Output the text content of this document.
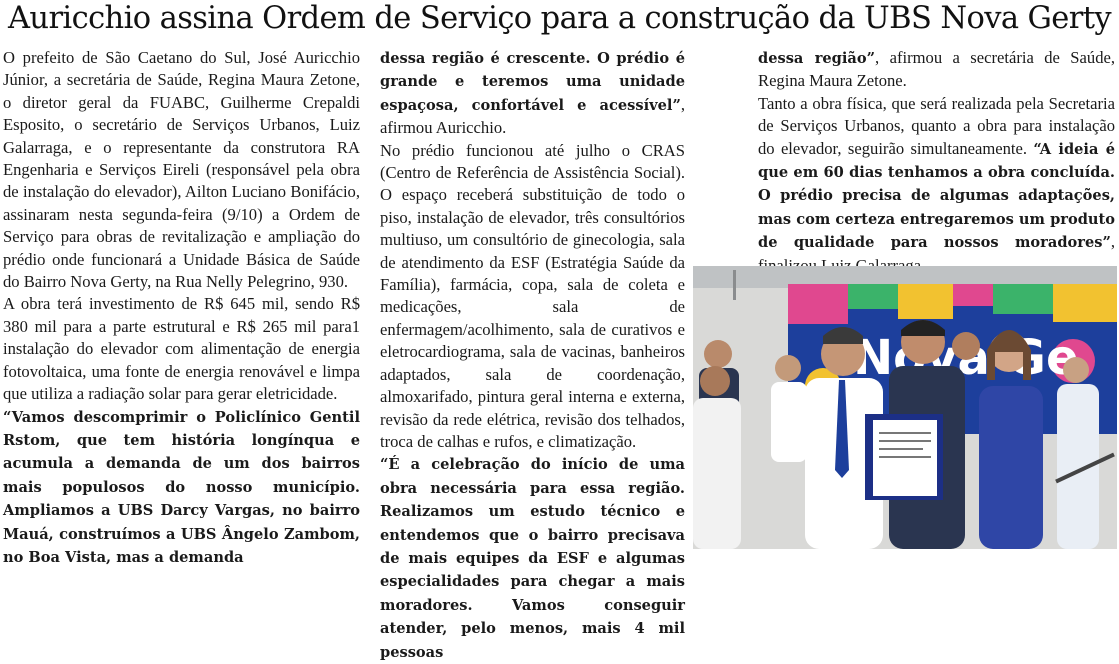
Auricchio assina Ordem de Serviço para a construção da UBS Nova Gerty

O prefeito de São Caetano do Sul, José Auricchio Júnior, a secretária de Saúde, Regina Maura Zetone, o diretor geral da FUABC, Guilherme Crepaldi Esposito, o secretário de Serviços Urbanos, Luiz Galarraga, e o representante da construtora RA Engenharia e Serviços Eireli (responsável pela obra de instalação do elevador), Ailton Luciano Bonifácio, assinaram nesta segunda-feira (9/10) a Ordem de Serviço para obras de revitalização e ampliação do prédio onde funcionará a Unidade Básica de Saúde do Bairro Nova Gerty, na Rua Nelly Pelegrino, 930.

A obra terá investimento de R$ 645 mil, sendo R$ 380 mil para a parte estrutural e R$ 265 mil para1 instalação do elevador com alimentação de energia fotovoltaica, uma fonte de energia renovável e limpa que utiliza a radiação solar para gerar eletricidade.

“Vamos descomprimir o Policlínico Gentil Rstom, que tem história longínqua e acumula a demanda de um dos bairros mais populosos do nosso município. Ampliamos a UBS Darcy Vargas, no bairro Mauá, construímos a UBS Ângelo Zambom, no Boa Vista, mas a demanda

dessa região é crescente. O prédio é grande e teremos uma unidade espaçosa, confortável e acessível”, afirmou Auricchio.

No prédio funcionou até julho o CRAS (Centro de Referência de Assistência Social). O espaço receberá substituição de todo o piso, instalação de elevador, três consultórios multiuso, um consultório de ginecologia, sala de atendimento da ESF (Estratégia Saúde da Família), farmácia, copa, sala de coleta e medicações, sala de enfermagem/acolhimento, sala de curativos e eletrocardiograma, sala de vacinas, banheiros adaptados, sala de coordenação, almoxarifado, pintura geral interna e externa, revisão da rede elétrica, revisão dos telhados, troca de calhas e rufos, e climatização.

“É a celebração do início de uma obra necessária para essa região. Realizamos um estudo técnico e entendemos que o bairro precisava de mais equipes da ESF e algumas especialidades para chegar a mais moradores. Vamos conseguir atender, pelo menos, mais 4 mil pessoas

dessa região”, afirmou a secretária de Saúde, Regina Maura Zetone.

Tanto a obra física, que será realizada pela Secretaria de Serviços Urbanos, quanto a obra para instalação do elevador, seguirão simultaneamente. “A ideia é que em 60 dias tenhamos a obra concluída. O prédio precisa de algumas adaptações, mas com certeza entregaremos um produto de qualidade para nossos moradores”,

Ge
